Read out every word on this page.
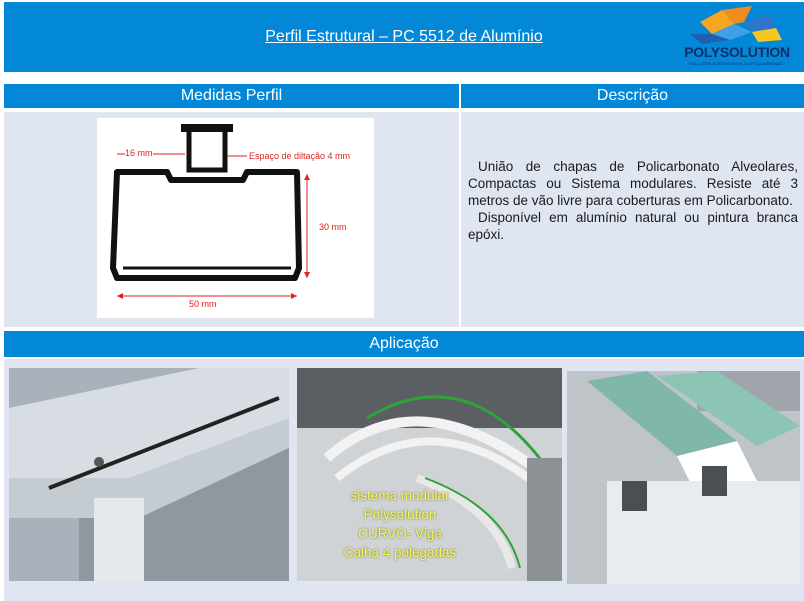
Perfil Estrutural – PC 5512 de Alumínio
POLYSOLUTION
SOLUÇÕES SUSTENTÁVEIS EM POLICARBONATO
Medidas Perfil	Descrição
16 mm	Espaço de diltação 4 mm
30 mm
50 mm

União de chapas de Policarbonato Alveolares, Compactas ou Sistema modulares. Resiste até 3 metros de vão livre para coberturas em Policarbonato.

Disponível em alumínio natural ou pintura branca epóxi.

Aplicação
sistema modular
Polysolution
CURVO- Viga
Calha 4 polegadas
